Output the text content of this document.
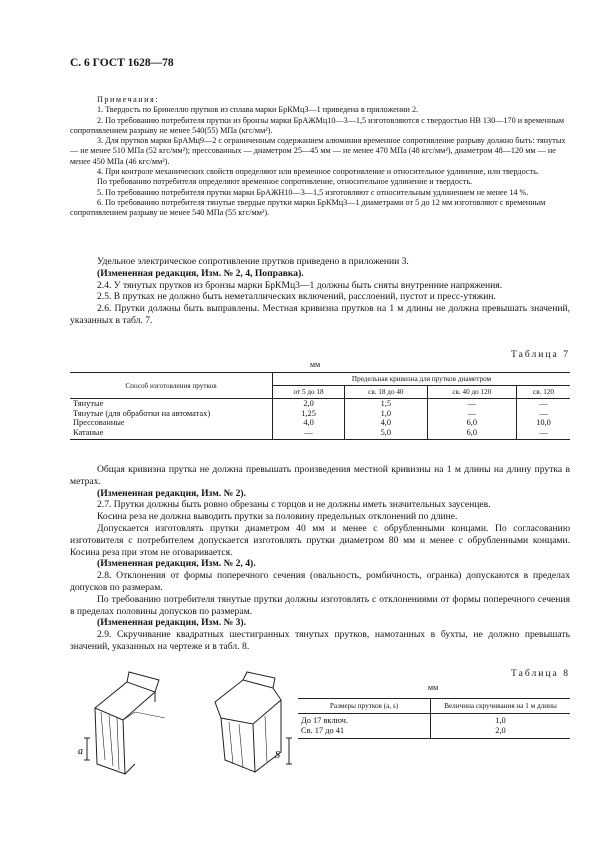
С. 6 ГОСТ 1628—78

Примечания:

1. Твердость по Бринеллю прутков из сплава марки БрКМц3—1 приведена в приложении 2.

2. По требованию потребителя прутки из бронзы марки БрАЖМц10—3—1,5 изготовляются с твердостью НВ 130—170 и временным сопротивлением разрыву не менее 540(55) МПа (кгс/мм²).

3. Для прутков марки БрАМц9—2 с ограниченным содержанием алюминия временное сопротивление разрыву должно быть: тянутых — не менее 510 МПа (52 кгс/мм²); прессованных — диаметром 25—45 мм — не менее 470 МПа (48 кгс/мм²), диаметром 48—120 мм — не менее 450 МПа (46 кгс/мм²).

4. При контроле механических свойств определяют или временное сопротивление и относительное удлинение, или твердость.

По требованию потребителя определяют временное сопротивление, относительное удлинение и твердость.

5. По требованию потребителя прутки марки БрАЖН10—3—1,5 изготовляют с относительным удлинением не менее 14 %.

6. По требованию потребителя тянутые твердые прутки марки БрКМц3—1 диаметрами от 5 до 12 мм изготовляют с временным сопротивлением разрыву не менее 540 МПа (55 кгс/мм²).

Удельное электрическое сопротивление прутков приведено в приложении 3.

(Измененная редакция, Изм. № 2, 4, Поправка).

2.4. У тянутых прутков из бронзы марки БрКМц3—1 должны быть сняты внутренние напряжения.

2.5. В прутках не должно быть неметаллических включений, расслоений, пустот и пресс-утяжин.

2.6. Прутки должны быть выправлены. Местная кривизна прутков на 1 м длины не должна превышать значений, указанных в табл. 7.

Таблица 7
мм
Способ изготовления прутков	Предельная кривизна для прутков диаметром			
	от 5 до 18	св. 18 до 40	св. 40 до 120	св. 120
Тянутые	2,0	1,5	—	—
Тянутые (для обработки на автоматах)	1,25	1,0	—	—
Прессованные	4,0	4,0	6,0	10,0
Катаные	—	5,0	6,0	—

Общая кривизна прутка не должна превышать произведения местной кривизны на 1 м длины на длину прутка в метрах.

(Измененная редакция, Изм. № 2).

2.7. Прутки должны быть ровно обрезаны с торцов и не должны иметь значительных заусенцев.

Косина реза не должна выводить прутки за половину предельных отклонений по длине.

Допускается изготовлять прутки диаметром 40 мм и менее с обрубленными концами. По согласованию изготовителя с потребителем допускается изготовлять прутки диаметром 80 мм и менее с обрубленными концами. Косина реза при этом не оговаривается.

(Измененная редакция, Изм. № 2, 4).

2.8. Отклонения от формы поперечного сечения (овальность, ромбичность, огранка) допускаются в пределах допусков по размерам.

По требованию потребителя тянутые прутки должны изготовлять с отклонениями от формы поперечного сечения в пределах половины допусков по размерам.

(Измененная редакция, Изм. № 3).

2.9. Скручивание квадратных шестигранных тянутых прутков, намотанных в бухты, не должно превышать значений, указанных на чертеже и в табл. 8.

Таблица 8
мм
Размеры прутков (а, s)	Величина скручивания на 1 м длины
До 17 включ.	1,0
Св. 17 до 41	2,0
a	S
